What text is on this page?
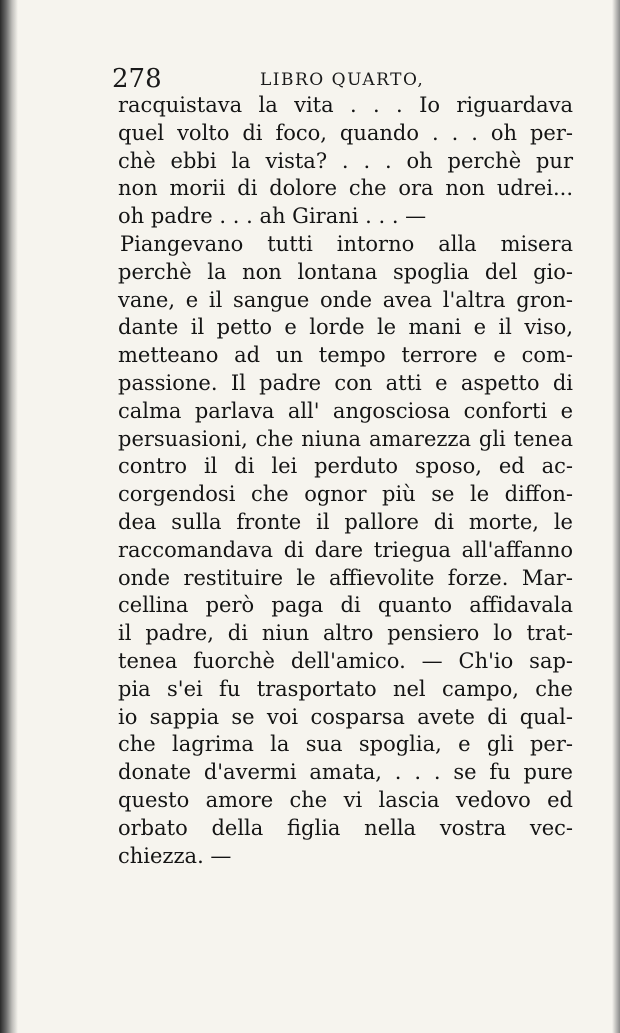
278	LIBRO QUARTO,
racquistava la vita . . . Io riguardava
quel volto di foco, quando . . . oh per-
chè ebbi la vista? . . . oh perchè pur
non morii di dolore che ora non udrei...
oh padre . . . ah Girani . . . —
Piangevano tutti intorno alla misera
perchè la non lontana spoglia del gio-
vane, e il sangue onde avea l'altra gron-
dante il petto e lorde le mani e il viso,
metteano ad un tempo terrore e com-
passione. Il padre con atti e aspetto di
calma parlava all' angosciosa conforti e
persuasioni, che niuna amarezza gli tenea
contro il di lei perduto sposo, ed ac-
corgendosi che ognor più se le diffon-
dea sulla fronte il pallore di morte, le
raccomandava di dare triegua all'affanno
onde restituire le affievolite forze. Mar-
cellina però paga di quanto affidavala
il padre, di niun altro pensiero lo trat-
tenea fuorchè dell'amico. — Ch'io sap-
pia s'ei fu trasportato nel campo, che
io sappia se voi cosparsa avete di qual-
che lagrima la sua spoglia, e gli per-
donate d'avermi amata, . . . se fu pure
questo amore che vi lascia vedovo ed
orbato della figlia nella vostra vec-
chiezza. —
